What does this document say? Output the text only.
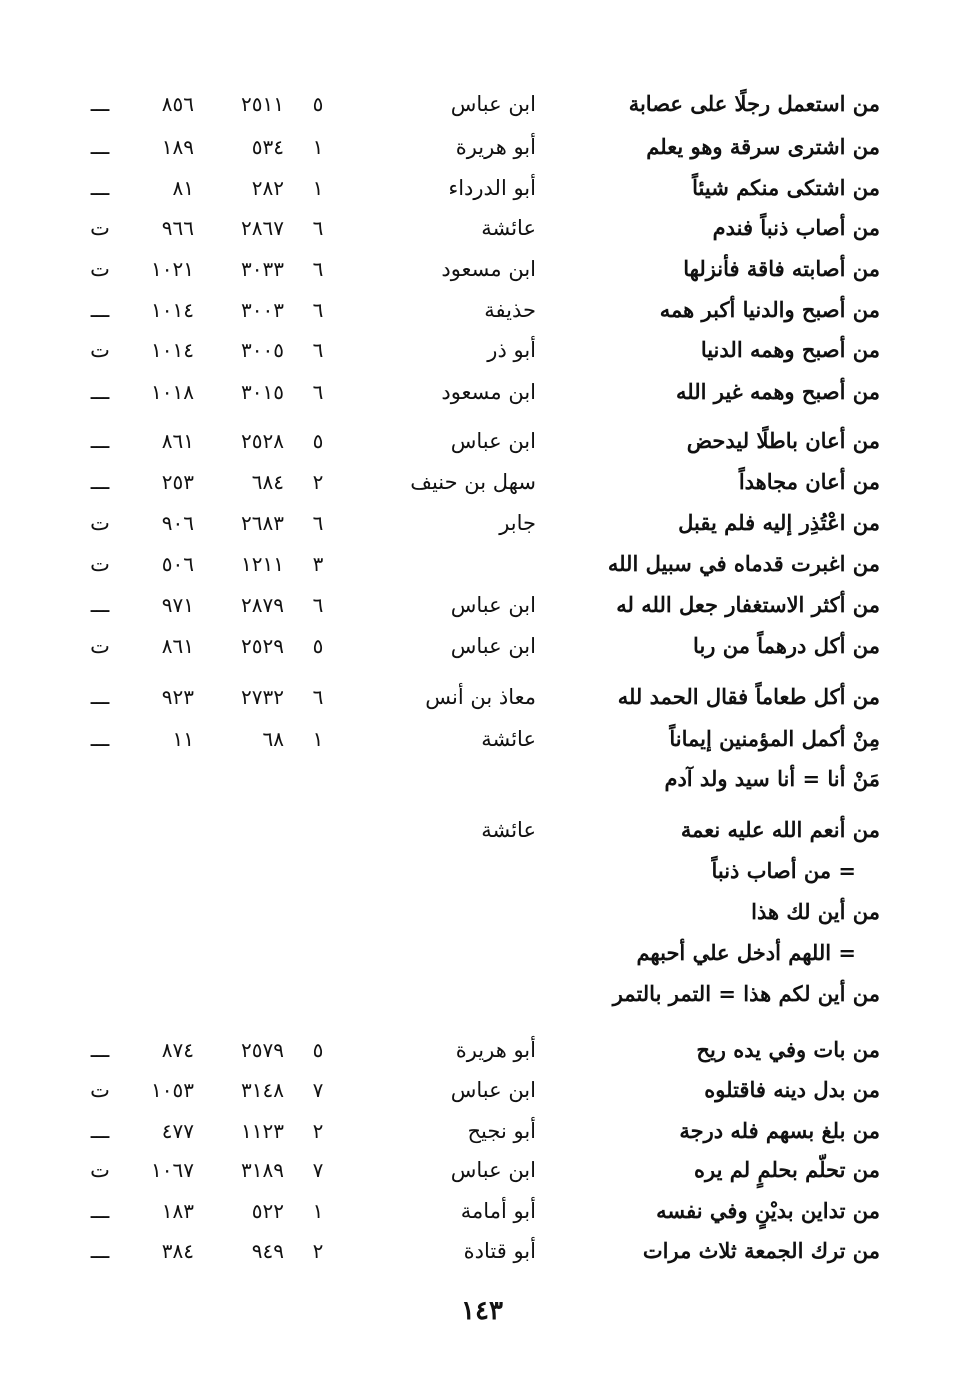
من استعمل رجلًا على عصابة
ابن عباس
٥
٢٥١١
٨٥٦
ـــ
من اشترى سرقة وهو يعلم
أبو هريرة
١
٥٣٤
١٨٩
ـــ
من اشتكى منكم شيئاً
أبو الدرداء
١
٢٨٢
٨١
ـــ
من أصاب ذنباً فندم
عائشة
٦
٢٨٦٧
٩٦٦
ت
من أصابته فاقة فأنزلها
ابن مسعود
٦
٣٠٣٣
١٠٢١
ت
من أصبح والدنيا أكبر همه
حذيفة
٦
٣٠٠٣
١٠١٤
ـــ
من أصبح وهمه الدنيا
أبو ذر
٦
٣٠٠٥
١٠١٤
ت
من أصبح وهمه غير الله
ابن مسعود
٦
٣٠١٥
١٠١٨
ـــ
من أعان باطلًا ليدحض
ابن عباس
٥
٢٥٢٨
٨٦١
ـــ
من أعان مجاهداً
سهل بن حنيف
٢
٦٨٤
٢٥٣
ـــ
من اعْتُذِر إليه فلم يقبل
جابر
٦
٢٦٨٣
٩٠٦
ت
من اغبرت قدماه في سبيل الله
٣
١٢١١
٥٠٦
ت
من أكثر الاستغفار جعل الله له
ابن عباس
٦
٢٨٧٩
٩٧١
ـــ
من أكل درهماً من ربا
ابن عباس
٥
٢٥٢٩
٨٦١
ت
من أكل طعاماً فقال الحمد لله
معاذ بن أنس
٦
٢٧٣٢
٩٢٣
ـــ
مِنْ أكمل المؤمنين إيماناً
عائشة
١
٦٨
١١
ـــ
مَنْ أنا = أنا سيد ولد آدم
من أنعم الله عليه نعمة
عائشة
= من أصاب ذنباً
من أين لك هذا
= اللهم أدخل علي أحبهم
من أين لكم هذا = التمر بالتمر
من بات وفي يده ريح
أبو هريرة
٥
٢٥٧٩
٨٧٤
ـــ
من بدل دينه فاقتلوه
ابن عباس
٧
٣١٤٨
١٠٥٣
ت
من بلغ بسهم فله درجة
أبو نجيح
٢
١١٢٣
٤٧٧
ـــ
من تحلّم بحلمٍ لم يره
ابن عباس
٧
٣١٨٩
١٠٦٧
ت
من تداين بديْنٍ وفي نفسه
أبو أمامة
١
٥٢٢
١٨٣
ـــ
من ترك الجمعة ثلاث مرات
أبو قتادة
٢
٩٤٩
٣٨٤
ـــ
١٤٣
